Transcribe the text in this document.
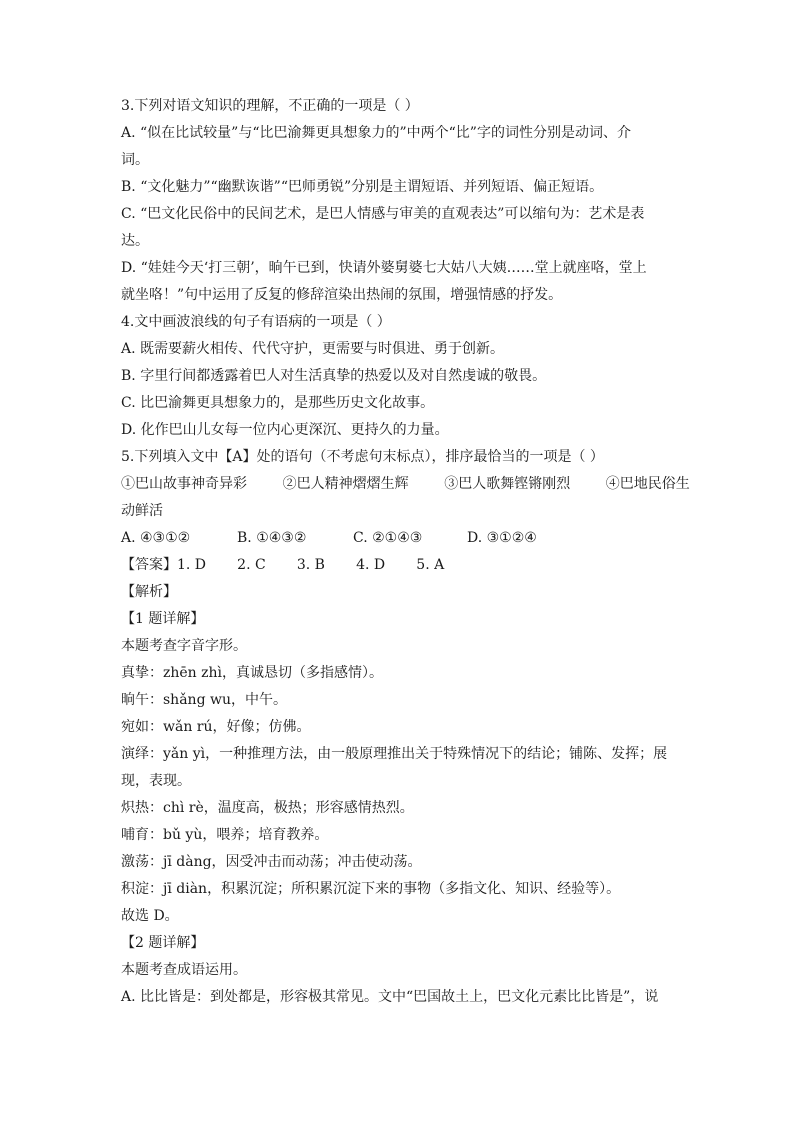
3.下列对语文知识的理解，不正确的一项是（ ）
A. “似在比试较量”与“比巴渝舞更具想象力的”中两个“比”字的词性分别是动词、介
词。
B. “文化魅力”“幽默诙谐”“巴师勇锐”分别是主谓短语、并列短语、偏正短语。
C. “巴文化民俗中的民间艺术，是巴人情感与审美的直观表达”可以缩句为：艺术是表
达。
D. “娃娃今天‘打三朝’，晌午已到，快请外婆舅婆七大姑八大姨……堂上就座咯，堂上
就坐咯！”句中运用了反复的修辞渲染出热闹的氛围，增强情感的抒发。
4.文中画波浪线的句子有语病的一项是（ ）
A. 既需要薪火相传、代代守护，更需要与时俱进、勇于创新。
B. 字里行间都透露着巴人对生活真挚的热爱以及对自然虔诚的敬畏。
C. 比巴渝舞更具想象力的，是那些历史文化故事。
D. 化作巴山儿女每一位内心更深沉、更持久的力量。
5.下列填入文中【A】处的语句（不考虑句末标点），排序最恰当的一项是（ ）
①巴山故事神奇异彩        ②巴人精神熠熠生辉        ③巴人歌舞铿锵刚烈        ④巴地民俗生
动鲜活
A. ④③①②	B. ①④③②	C. ②①④③	D. ③①②④
【答案】1. D       2. C       3. B       4. D       5. A
【解析】
【1 题详解】
本题考查字音字形。
真挚：zhēn zhì，真诚恳切（多指感情）。
晌午：shǎng wu，中午。
宛如：wǎn rú，好像；仿佛。
演绎：yǎn yì，一种推理方法，由一般原理推出关于特殊情况下的结论；铺陈、发挥；展
现，表现。
炽热：chì rè，温度高，极热；形容感情热烈。
哺育：bǔ yù，喂养；培育教养。
激荡：jī dàng，因受冲击而动荡；冲击使动荡。
积淀：jī diàn，积累沉淀；所积累沉淀下来的事物（多指文化、知识、经验等）。
故选 D。
【2 题详解】
本题考查成语运用。
A. 比比皆是：到处都是，形容极其常见。文中“巴国故土上，巴文化元素比比皆是”，说
